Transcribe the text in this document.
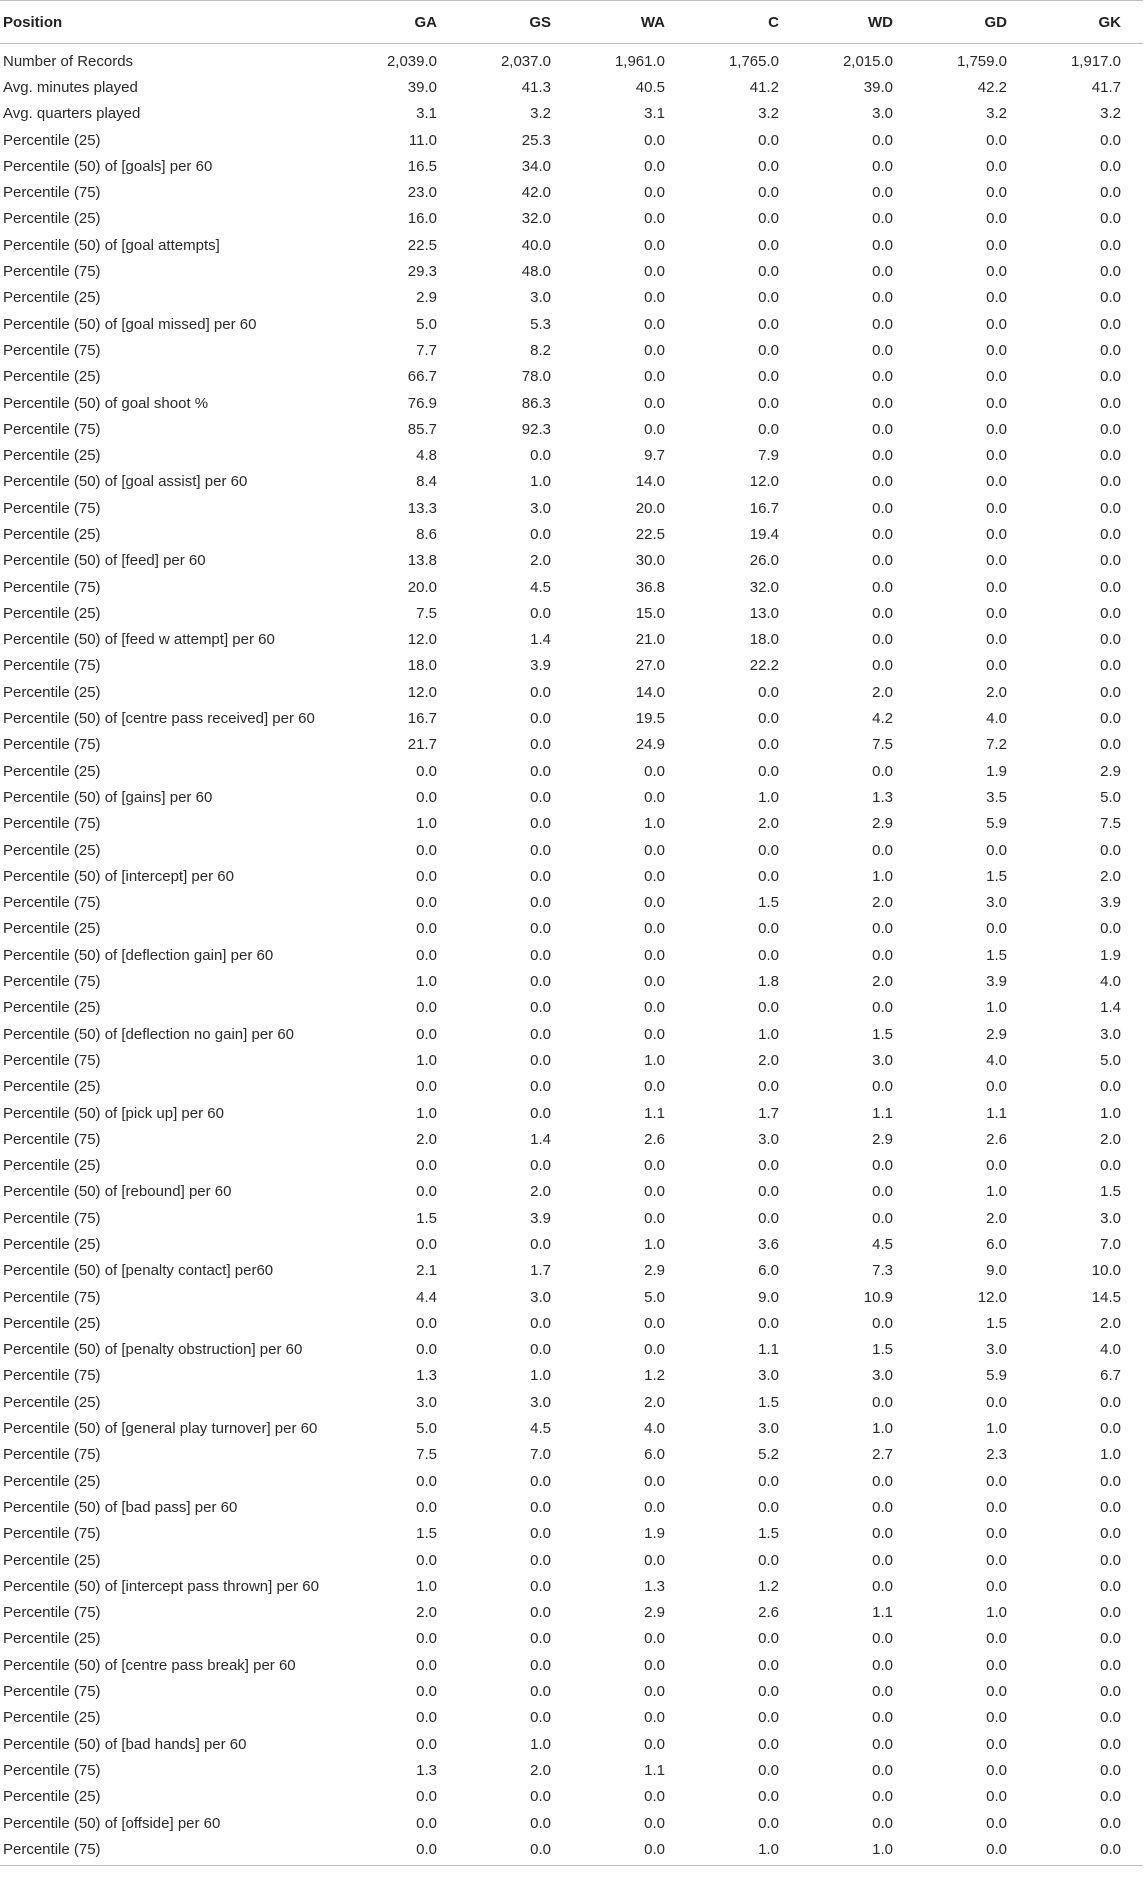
Position	GA	GS	WA	C	WD	GD	GK
Number of Records	2,039.0	2,037.0	1,961.0	1,765.0	2,015.0	1,759.0	1,917.0
Avg. minutes played	39.0	41.3	40.5	41.2	39.0	42.2	41.7
Avg. quarters played	3.1	3.2	3.1	3.2	3.0	3.2	3.2
Percentile (25)	11.0	25.3	0.0	0.0	0.0	0.0	0.0
Percentile (50) of [goals] per 60	16.5	34.0	0.0	0.0	0.0	0.0	0.0
Percentile (75)	23.0	42.0	0.0	0.0	0.0	0.0	0.0
Percentile (25)	16.0	32.0	0.0	0.0	0.0	0.0	0.0
Percentile (50) of [goal attempts]	22.5	40.0	0.0	0.0	0.0	0.0	0.0
Percentile (75)	29.3	48.0	0.0	0.0	0.0	0.0	0.0
Percentile (25)	2.9	3.0	0.0	0.0	0.0	0.0	0.0
Percentile (50) of [goal missed] per 60	5.0	5.3	0.0	0.0	0.0	0.0	0.0
Percentile (75)	7.7	8.2	0.0	0.0	0.0	0.0	0.0
Percentile (25)	66.7	78.0	0.0	0.0	0.0	0.0	0.0
Percentile (50) of goal shoot %	76.9	86.3	0.0	0.0	0.0	0.0	0.0
Percentile (75)	85.7	92.3	0.0	0.0	0.0	0.0	0.0
Percentile (25)	4.8	0.0	9.7	7.9	0.0	0.0	0.0
Percentile (50) of [goal assist] per 60	8.4	1.0	14.0	12.0	0.0	0.0	0.0
Percentile (75)	13.3	3.0	20.0	16.7	0.0	0.0	0.0
Percentile (25)	8.6	0.0	22.5	19.4	0.0	0.0	0.0
Percentile (50) of [feed] per 60	13.8	2.0	30.0	26.0	0.0	0.0	0.0
Percentile (75)	20.0	4.5	36.8	32.0	0.0	0.0	0.0
Percentile (25)	7.5	0.0	15.0	13.0	0.0	0.0	0.0
Percentile (50) of [feed w attempt] per 60	12.0	1.4	21.0	18.0	0.0	0.0	0.0
Percentile (75)	18.0	3.9	27.0	22.2	0.0	0.0	0.0
Percentile (25)	12.0	0.0	14.0	0.0	2.0	2.0	0.0
Percentile (50) of [centre pass received] per 60	16.7	0.0	19.5	0.0	4.2	4.0	0.0
Percentile (75)	21.7	0.0	24.9	0.0	7.5	7.2	0.0
Percentile (25)	0.0	0.0	0.0	0.0	0.0	1.9	2.9
Percentile (50) of [gains] per 60	0.0	0.0	0.0	1.0	1.3	3.5	5.0
Percentile (75)	1.0	0.0	1.0	2.0	2.9	5.9	7.5
Percentile (25)	0.0	0.0	0.0	0.0	0.0	0.0	0.0
Percentile (50) of [intercept] per 60	0.0	0.0	0.0	0.0	1.0	1.5	2.0
Percentile (75)	0.0	0.0	0.0	1.5	2.0	3.0	3.9
Percentile (25)	0.0	0.0	0.0	0.0	0.0	0.0	0.0
Percentile (50) of [deflection gain] per 60	0.0	0.0	0.0	0.0	0.0	1.5	1.9
Percentile (75)	1.0	0.0	0.0	1.8	2.0	3.9	4.0
Percentile (25)	0.0	0.0	0.0	0.0	0.0	1.0	1.4
Percentile (50) of [deflection no gain] per 60	0.0	0.0	0.0	1.0	1.5	2.9	3.0
Percentile (75)	1.0	0.0	1.0	2.0	3.0	4.0	5.0
Percentile (25)	0.0	0.0	0.0	0.0	0.0	0.0	0.0
Percentile (50) of [pick up] per 60	1.0	0.0	1.1	1.7	1.1	1.1	1.0
Percentile (75)	2.0	1.4	2.6	3.0	2.9	2.6	2.0
Percentile (25)	0.0	0.0	0.0	0.0	0.0	0.0	0.0
Percentile (50) of [rebound] per 60	0.0	2.0	0.0	0.0	0.0	1.0	1.5
Percentile (75)	1.5	3.9	0.0	0.0	0.0	2.0	3.0
Percentile (25)	0.0	0.0	1.0	3.6	4.5	6.0	7.0
Percentile (50) of [penalty contact] per60	2.1	1.7	2.9	6.0	7.3	9.0	10.0
Percentile (75)	4.4	3.0	5.0	9.0	10.9	12.0	14.5
Percentile (25)	0.0	0.0	0.0	0.0	0.0	1.5	2.0
Percentile (50) of [penalty obstruction] per 60	0.0	0.0	0.0	1.1	1.5	3.0	4.0
Percentile (75)	1.3	1.0	1.2	3.0	3.0	5.9	6.7
Percentile (25)	3.0	3.0	2.0	1.5	0.0	0.0	0.0
Percentile (50) of [general play turnover] per 60	5.0	4.5	4.0	3.0	1.0	1.0	0.0
Percentile (75)	7.5	7.0	6.0	5.2	2.7	2.3	1.0
Percentile (25)	0.0	0.0	0.0	0.0	0.0	0.0	0.0
Percentile (50) of [bad pass] per 60	0.0	0.0	0.0	0.0	0.0	0.0	0.0
Percentile (75)	1.5	0.0	1.9	1.5	0.0	0.0	0.0
Percentile (25)	0.0	0.0	0.0	0.0	0.0	0.0	0.0
Percentile (50) of [intercept pass thrown] per 60	1.0	0.0	1.3	1.2	0.0	0.0	0.0
Percentile (75)	2.0	0.0	2.9	2.6	1.1	1.0	0.0
Percentile (25)	0.0	0.0	0.0	0.0	0.0	0.0	0.0
Percentile (50) of [centre pass break] per 60	0.0	0.0	0.0	0.0	0.0	0.0	0.0
Percentile (75)	0.0	0.0	0.0	0.0	0.0	0.0	0.0
Percentile (25)	0.0	0.0	0.0	0.0	0.0	0.0	0.0
Percentile (50) of [bad hands] per 60	0.0	1.0	0.0	0.0	0.0	0.0	0.0
Percentile (75)	1.3	2.0	1.1	0.0	0.0	0.0	0.0
Percentile (25)	0.0	0.0	0.0	0.0	0.0	0.0	0.0
Percentile (50) of [offside] per 60	0.0	0.0	0.0	0.0	0.0	0.0	0.0
Percentile (75)	0.0	0.0	0.0	1.0	1.0	0.0	0.0
